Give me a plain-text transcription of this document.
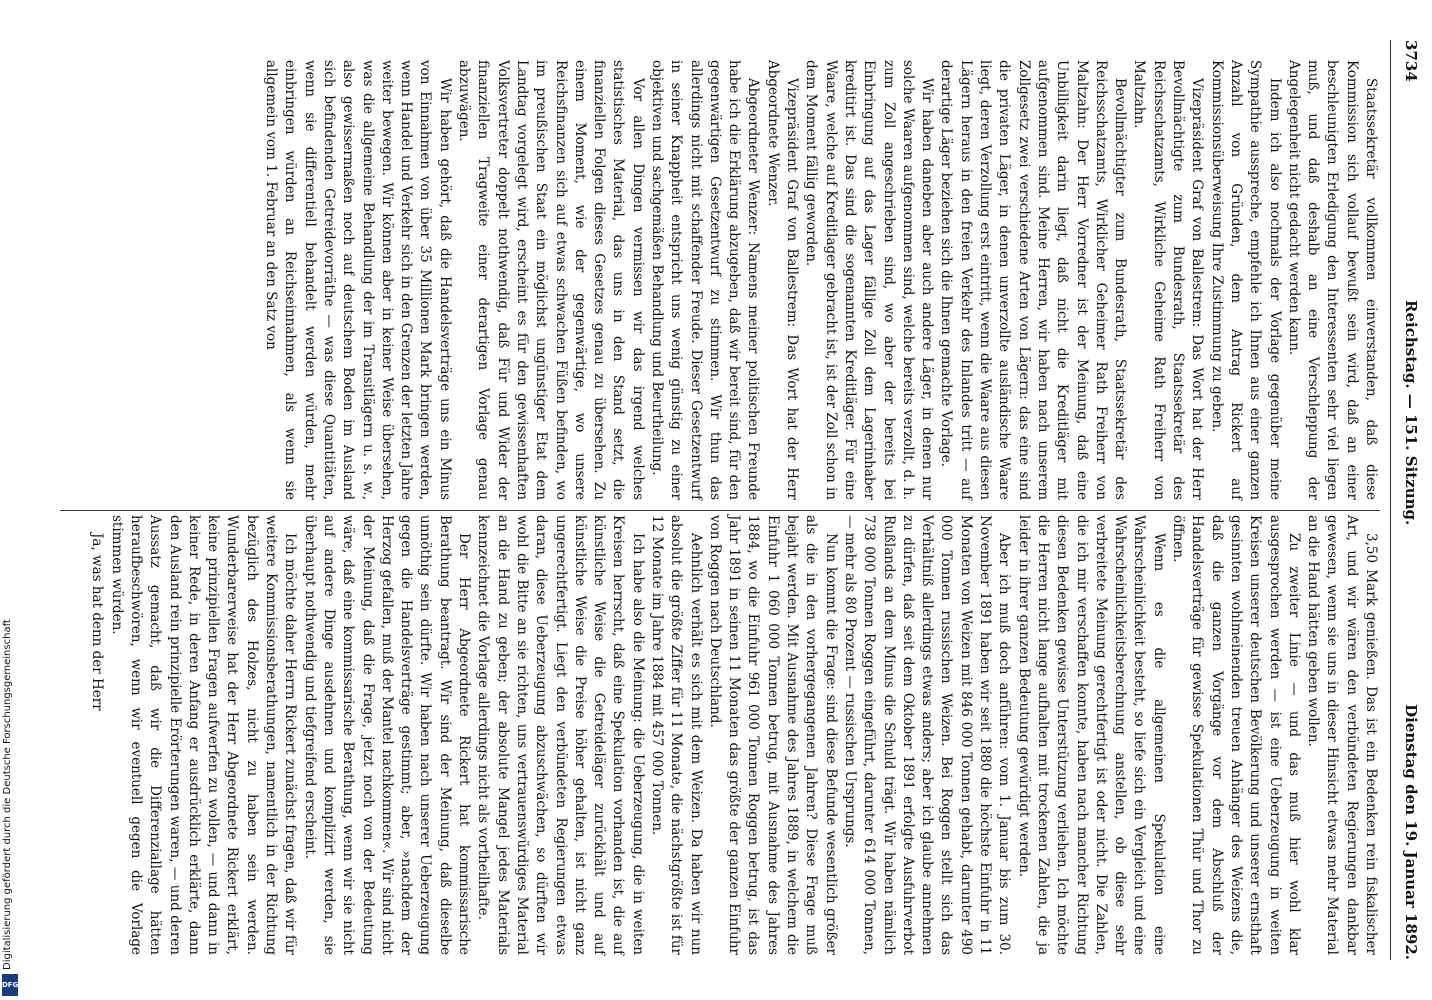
Staatssekretär vollkommen einverstanden, daß diese Kommission sich vollauf bewußt sein wird, daß an einer beschleunigten Erledigung den Interessenten sehr viel liegen muß, und daß deshalb an eine Verschleppung der Angelegenheit nicht gedacht werden kann.

Indem ich also nochmals der Vorlage gegenüber meine Sympathie ausspreche, empfehle ich Ihnen aus einer ganzen Anzahl von Gründen, dem Antrag Rickert auf Kommissionsüberweisung Ihre Zustimmung zu geben.

Vizepräsident Graf von Ballestrem: Das Wort hat der Herr Bevollmächtigte zum Bundesrath, Staatssekretär des Reichsschatzamts, Wirkliche Geheime Rath Freiherr von Maltzahn.

Bevollmächtigter zum Bundesrath, Staatssekretär des Reichsschatzamts, Wirklicher Geheimer Rath Freiherr von Maltzahn: Der Herr Vorredner ist der Meinung, daß eine Unbilligkeit darin liegt, daß nicht die Kreditläger mit aufgenommen sind. Meine Herren, wir haben nach unserem Zollgesetz zwei verschiedene Arten von Lägern: das eine sind die privaten Läger, in denen unverzollte ausländische Waare liegt, deren Verzollung erst eintritt, wenn die Waare aus diesen Lägern heraus in den freien Verkehr des Inlandes tritt — auf derartige Läger beziehen sich die Ihnen gemachte Vorlage.

Wir haben daneben aber auch andere Läger, in denen nur solche Waaren aufgenommen sind, welche bereits verzollt, d. h. zum Zoll angeschrieben sind, wo aber der bereits bei Einbringung auf das Lager fällige Zoll dem Lagerinhaber kreditirt ist. Das sind die sogenannten Kreditläger. Für eine Waare, welche auf Kreditlager gebracht ist, ist der Zoll schon in dem Moment fällig geworden.

Vizepräsident Graf von Ballestrem: Das Wort hat der Herr Abgeordnete Wenzer.

Abgeordneter Wenzer: Namens meiner politischen Freunde habe ich die Erklärung abzugeben, daß wir bereit sind, für den gegenwärtigen Gesetzentwurf zu stimmen. Wir thun das allerdings nicht mit schaffender Freude. Dieser Gesetzentwurf in seiner Knappheit entspricht uns wenig günstig zu einer objektiven und sachgemäßen Behandlung und Beurtheilung.

Vor allen Dingen vermissen wir das irgend welches statistisches Material, das uns in den Stand setzt, die finanziellen Folgen dieses Gesetzes genau zu übersehen. Zu einem Moment, wie der gegenwärtige, wo unsere Reichsfinanzen sich auf etwas schwachen Füßen befinden, wo im preußischen Staat ein möglichst ungünstiger Etat dem Landtag vorgelegt wird, erscheint es für den gewissenhaften Volksvertreter doppelt nothwendig, daß Für und Wider der finanziellen Tragweite einer derartigen Vorlage genau abzuwägen.

Wir haben gehört, daß die Handelsverträge uns ein Minus von Einnahmen von über 35 Millionen Mark bringen werden, wenn Handel und Verkehr sich in den Grenzen der letzten Jahre weiter bewegen. Wir können aber in keiner Weise übersehen, was die allgemeine Behandlung der im Transitlägern u. s. w., also gewissermaßen noch auf deutschem Boden im Ausland sich befindenden Getreidevorräthe — was diese Quantitäten, wenn sie differentiell behandelt werden würden, mehr einbringen würden an Reichseinnahmen, als wenn sie allgemein vom 1. Februar an den Satz von

3,50 Mark genießen. Das ist ein Bedenken rein fiskalischer Art, und wir wären den verbündeten Regierungen dankbar gewesen, wenn sie uns in dieser Hinsicht etwas mehr Material an die Hand hätten geben wollen.

Zu zweiter Linie — und das muß hier wohl klar ausgesprochen werden — ist eine Ueberzeugung in weiten Kreisen unserer deutschen Bevölkerung und unserer ernsthaft gesinnten wohlmeinenden treuen Anhänger des Weizens die, daß die ganzen Vorgänge vor dem Abschluß der Handelsverträge für gewisse Spekulationen Thür und Thor zu öffnen.

Wenn es die allgemeinen Spekulation eine Wahrscheinlichkeit besteht, so liefe sich ein Vergleich und eine Wahrscheinlichkeitsberechnung anstellen, ob diese sehr verbreitete Meinung gerechtfertigt ist oder nicht. Die Zahlen, die ich mir verschaffen konnte, haben nach mancher Richtung diesen Bedenken gewisse Unterstützung verliehen. Ich möchte die Herren nicht lange aufhalten mit trockenen Zahlen, die ja leider in ihrer ganzen Bedeutung gewürdigt werden.

Aber ich muß doch anführen: vom 1. Januar bis zum 30. November 1891 haben wir seit 1880 die höchste Einfuhr in 11 Monaten von Weizen mit 846 000 Tonnen gehabt, darunter 490 000 Tonnen russischen Weizen. Bei Roggen stellt sich das Verhältniß allerdings etwas anders; aber ich glaube annehmen zu dürfen, daß seit dem Oktober 1891 erfolgte Ausfuhrverbot Rußlands an dem Minus die Schuld trägt. Wir haben nämlich 738 000 Tonnen Roggen eingeführt, darunter 614 000 Tonnen, — mehr als 80 Prozent — russischen Ursprungs.

Nun kommt die Frage: sind diese Befunde wesentlich größer als die in den vorhergegangenen Jahren? Diese Frage muß bejaht werden. Mit Ausnahme des Jahres 1889, in welchem die Einfuhr 1 060 000 Tonnen betrug, mit Ausnahme des Jahres 1884, wo die Einfuhr 961 000 Tonnen Roggen betrug, ist das Jahr 1891 in seinen 11 Monaten das größte der ganzen Einfuhr von Roggen nach Deutschland.

Aehnlich verhält es sich mit dem Weizen. Da haben wir nun absolut die größte Ziffer für 11 Monate, die nächstgrößte ist für 12 Monate im Jahre 1884 mit 457 000 Tonnen.

Ich habe also die Meinung: die Ueberzeugung, die in weiten Kreisen herrscht, daß eine Spekulation vorhanden ist, die auf künstliche Weise die Getreideläger zurückhält und auf künstliche Weise die Preise höher gehalten, ist nicht ganz ungerechtfertigt. Liegt den verbündeten Regierungen etwas daran, diese Ueberzeugung abzuschwächen, so dürften wir wohl die Bitte an sie richten, uns vertrauenswürdiges Material an die Hand zu geben; der absolute Mangel jedes Materials kennzeichnet die Vorlage allerdings nicht als vortheilhafte.

Der Herr Abgeordnete Rickert hat kommissarische Berathung beantragt. Wir sind der Meinung, daß dieselbe unnöthig sein dürfte. Wir haben nach unserer Ueberzeugung gegen die Handelsverträge gestimmt; aber, »nachdem der Herzog gefallen, muß der Mantel nachkommen«. Wir sind nicht der Meinung, daß die Frage, jetzt noch von der Bedeutung wäre, daß eine kommissarische Berathung, wenn wir sie nicht auf andere Dinge ausdehnen und komplizirt werden, sie überhaupt nothwendig und tiefgreifend erscheint.

Ich möchte daher Herrn Rickert zunächst fragen, daß wir für weitere Kommissionsberathungen, namentlich in der Richtung bezüglich des Holzes, nicht zu haben sein werden. Wunderbarerweise hat der Herr Abgeordnete Rickert erklärt, keine prinzipiellen Fragen aufwerfen zu wollen, — und dann in keiner Rede, in deren Anfang er ausdrücklich erklärte, dann den Ausland rein prinzipielle Erörterungen waren, — und deren Aussatz gemacht, daß wir die Differenziallage hätten heraufbeschwören, wenn wir eventuell gegen die Vorlage stimmen würden.

Ja, was hat denn der Herr

Digitalisierung gefördert durch die Deutsche Forschungsgemeinschaft
DFG
3734
Reichstag. — 151. Sitzung.
Dienstag den 19. Januar 1892.
